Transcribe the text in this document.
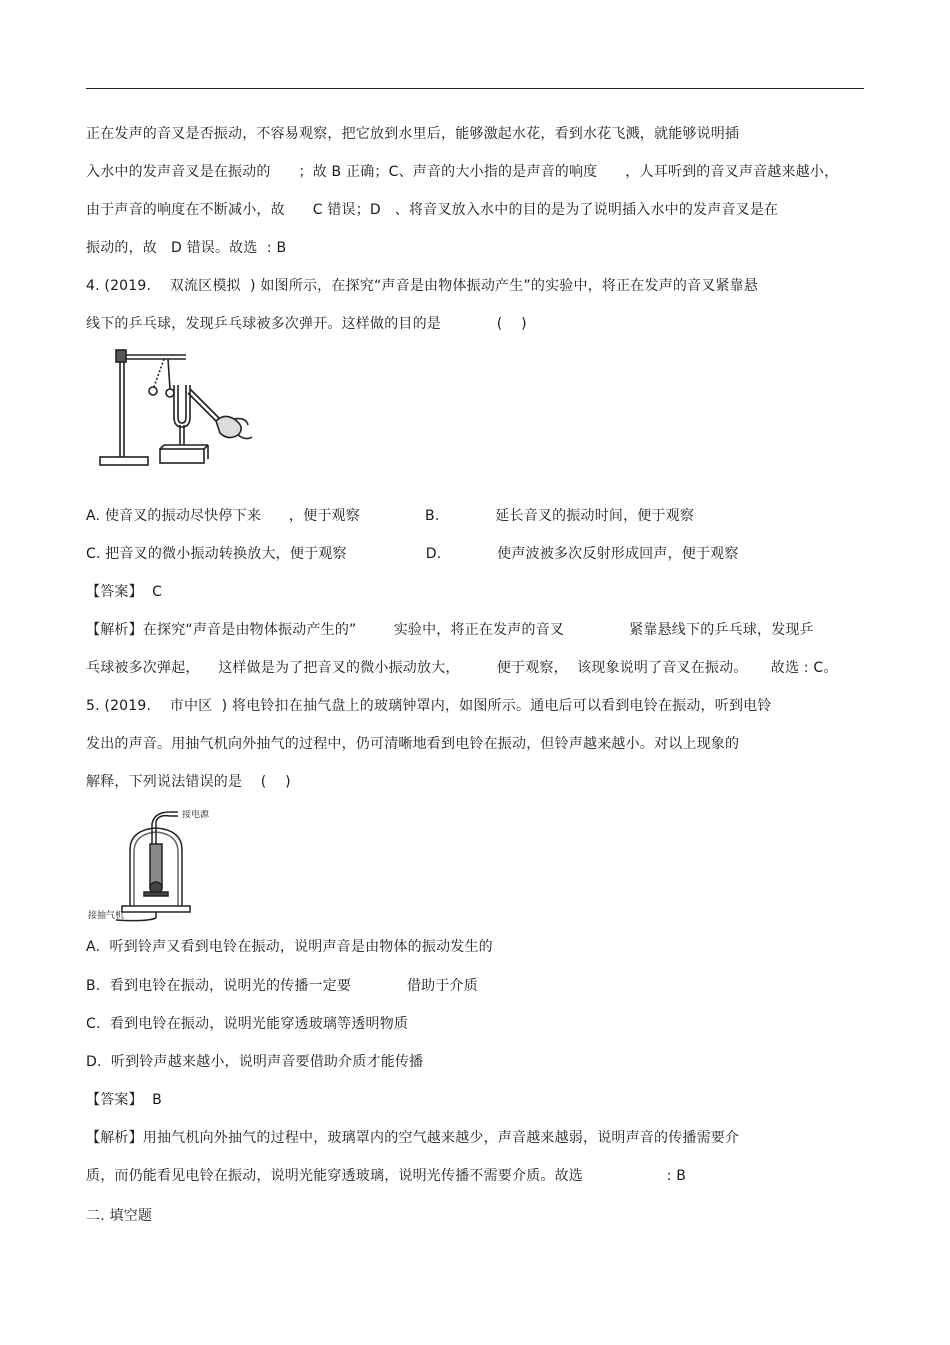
正在发声的音叉是否振动，不容易观察，把它放到水里后，能够激起水花，看到水花飞溅，就能够说明插
入水中的发声音叉是在振动的      ；故 B 正确；C、声音的大小指的是声音的响度      ，人耳听到的音叉声音越来越小，
由于声音的响度在不断减小，故      C 错误；D   、将音叉放入水中的目的是为了说明插入水中的发声音叉是在
振动的，故   D 错误。故选  : B
4. (2019.    双流区模拟  ) 如图所示，在探究“声音是由物体振动产生”的实验中，将正在发声的音叉紧靠悬
线下的乒乓球，发现乒乓球被多次弹开。这样做的目的是            (    )
A. 使音叉的振动尽快停下来      ，便于观察              B.            延长音叉的振动时间，便于观察
C. 把音叉的微小振动转换放大，便于观察                 D.            使声波被多次反射形成回声，便于观察
【答案】  C
【解析】在探究“声音是由物体振动产生的”        实验中，将正在发声的音叉              紧靠悬线下的乒乓球，发现乒
乓球被多次弹起，    这样做是为了把音叉的微小振动放大，        便于观察，  该现象说明了音叉在振动。     故选 : C。
5. (2019.    市中区  ) 将电铃扣在抽气盘上的玻璃钟罩内，如图所示。通电后可以看到电铃在振动，听到电铃
发出的声音。用抽气机向外抽气的过程中，仍可清晰地看到电铃在振动，但铃声越来越小。对以上现象的
解释，下列说法错误的是    (    )
接电源
接抽气机
A.  听到铃声又看到电铃在振动，说明声音是由物体的振动发生的
B.  看到电铃在振动，说明光的传播一定要            借助于介质
C.  看到电铃在振动，说明光能穿透玻璃等透明物质
D.  听到铃声越来越小，说明声音要借助介质才能传播
【答案】  B
【解析】用抽气机向外抽气的过程中，玻璃罩内的空气越来越少，声音越来越弱，说明声音的传播需要介
质，而仍能看见电铃在振动，说明光能穿透玻璃，说明光传播不需要介质。故选                  : B
二. 填空题
